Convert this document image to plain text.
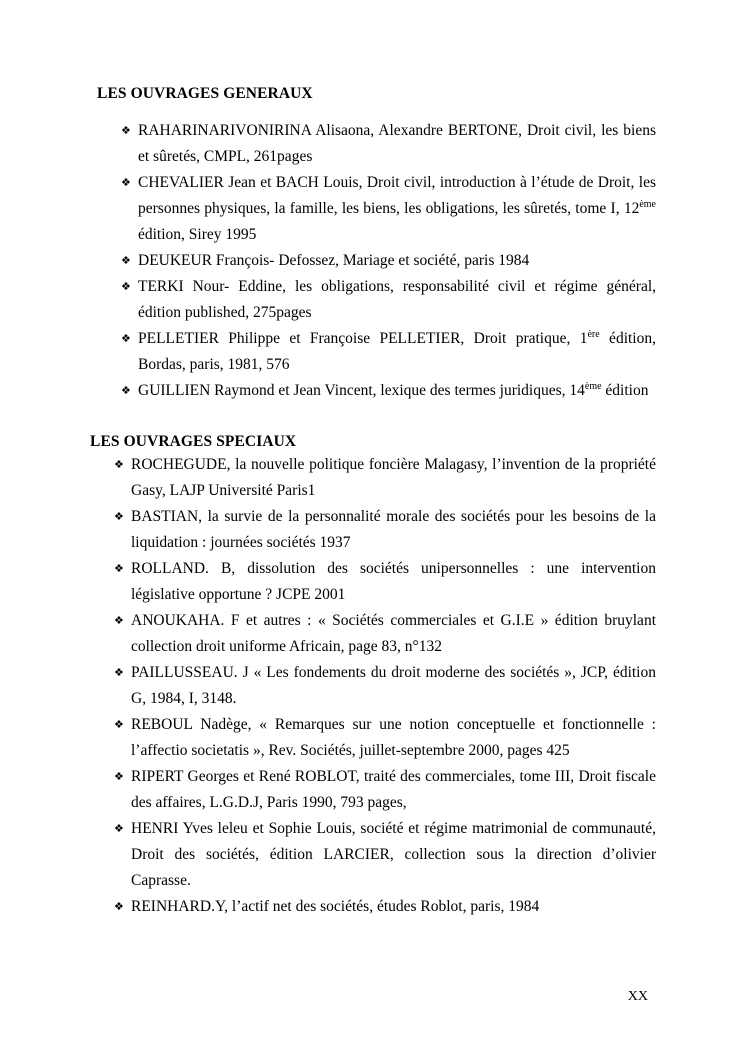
LES OUVRAGES GENERAUX
❖ RAHARINARIVONIRINA Alisaona, Alexandre BERTONE, Droit civil, les biens et sûretés, CMPL, 261pages
❖ CHEVALIER Jean et BACH Louis, Droit civil, introduction à l’étude de Droit, les personnes physiques, la famille, les biens, les obligations, les sûretés, tome I, 12ème édition, Sirey 1995
❖ DEUKEUR François- Defossez, Mariage et société, paris 1984
❖ TERKI Nour- Eddine, les obligations, responsabilité civil et régime général, édition published, 275pages
❖ PELLETIER Philippe et Françoise PELLETIER, Droit pratique, 1ère édition, Bordas, paris, 1981, 576
❖ GUILLIEN Raymond et Jean Vincent, lexique des termes juridiques, 14ème édition
LES OUVRAGES SPECIAUX
❖ ROCHEGUDE, la nouvelle politique foncière Malagasy, l’invention de la propriété Gasy, LAJP Université Paris1
❖ BASTIAN, la survie de la personnalité morale des sociétés pour les besoins de la liquidation : journées sociétés 1937
❖ ROLLAND. B, dissolution des sociétés unipersonnelles : une intervention législative opportune ? JCPE 2001
❖ ANOUKAHA. F et autres : « Sociétés commerciales et G.I.E » édition bruylant collection droit uniforme Africain, page 83, n°132
❖ PAILLUSSEAU. J « Les fondements du droit moderne des sociétés », JCP, édition G, 1984, I, 3148.
❖ REBOUL Nadège, « Remarques sur une notion conceptuelle et fonctionnelle : l’affectio societatis », Rev. Sociétés, juillet-septembre 2000, pages 425
❖ RIPERT Georges et René ROBLOT, traité des commerciales, tome III, Droit fiscale des affaires, L.G.D.J, Paris 1990, 793 pages,
❖ HENRI Yves leleu et Sophie Louis, société et régime matrimonial de communauté, Droit des sociétés, édition LARCIER, collection sous la direction d’olivier Caprasse.
❖ REINHARD.Y, l’actif net des sociétés, études Roblot, paris, 1984
XX
